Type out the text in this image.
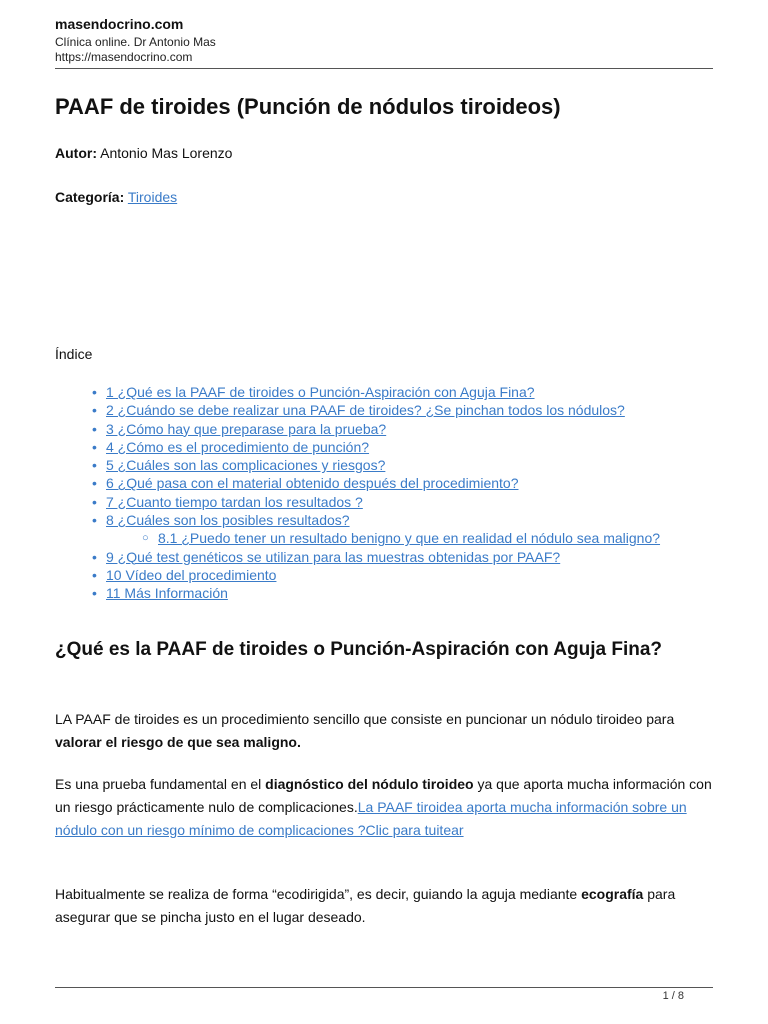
masendocrino.com
Clínica online. Dr Antonio Mas
https://masendocrino.com
PAAF de tiroides (Punción de nódulos tiroideos)
Autor: Antonio Mas Lorenzo
Categoría: Tiroides
Índice
• 1 ¿Qué es la PAAF de tiroides o Punción-Aspiración con Aguja Fina?
• 2 ¿Cuándo se debe realizar una PAAF de tiroides? ¿Se pinchan todos los nódulos?
• 3 ¿Cómo hay que preparase para la prueba?
• 4 ¿Cómo es el procedimiento de punción?
• 5 ¿Cuáles son las complicaciones y riesgos?
• 6 ¿Qué pasa con el material obtenido después del procedimiento?
• 7 ¿Cuanto tiempo tardan los resultados ?
• 8 ¿Cuáles son los posibles resultados?
○ 8.1 ¿Puedo tener un resultado benigno y que en realidad el nódulo sea maligno?
• 9 ¿Qué test genéticos se utilizan para las muestras obtenidas por PAAF?
• 10 Vídeo del procedimiento
• 11 Más Información
¿Qué es la PAAF de tiroides o Punción-Aspiración con Aguja Fina?

LA PAAF de tiroides es un procedimiento sencillo que consiste en puncionar un nódulo tiroideo para valorar el riesgo de que sea maligno.

Es una prueba fundamental en el diagnóstico del nódulo tiroideo ya que aporta mucha información con un riesgo prácticamente nulo de complicaciones.La PAAF tiroidea aporta mucha información sobre un nódulo con un riesgo mínimo de complicaciones ?Clic para tuitear

Habitualmente se realiza de forma “ecodirigida”, es decir, guiando la aguja mediante ecografía para asegurar que se pincha justo en el lugar deseado.

1 / 8
